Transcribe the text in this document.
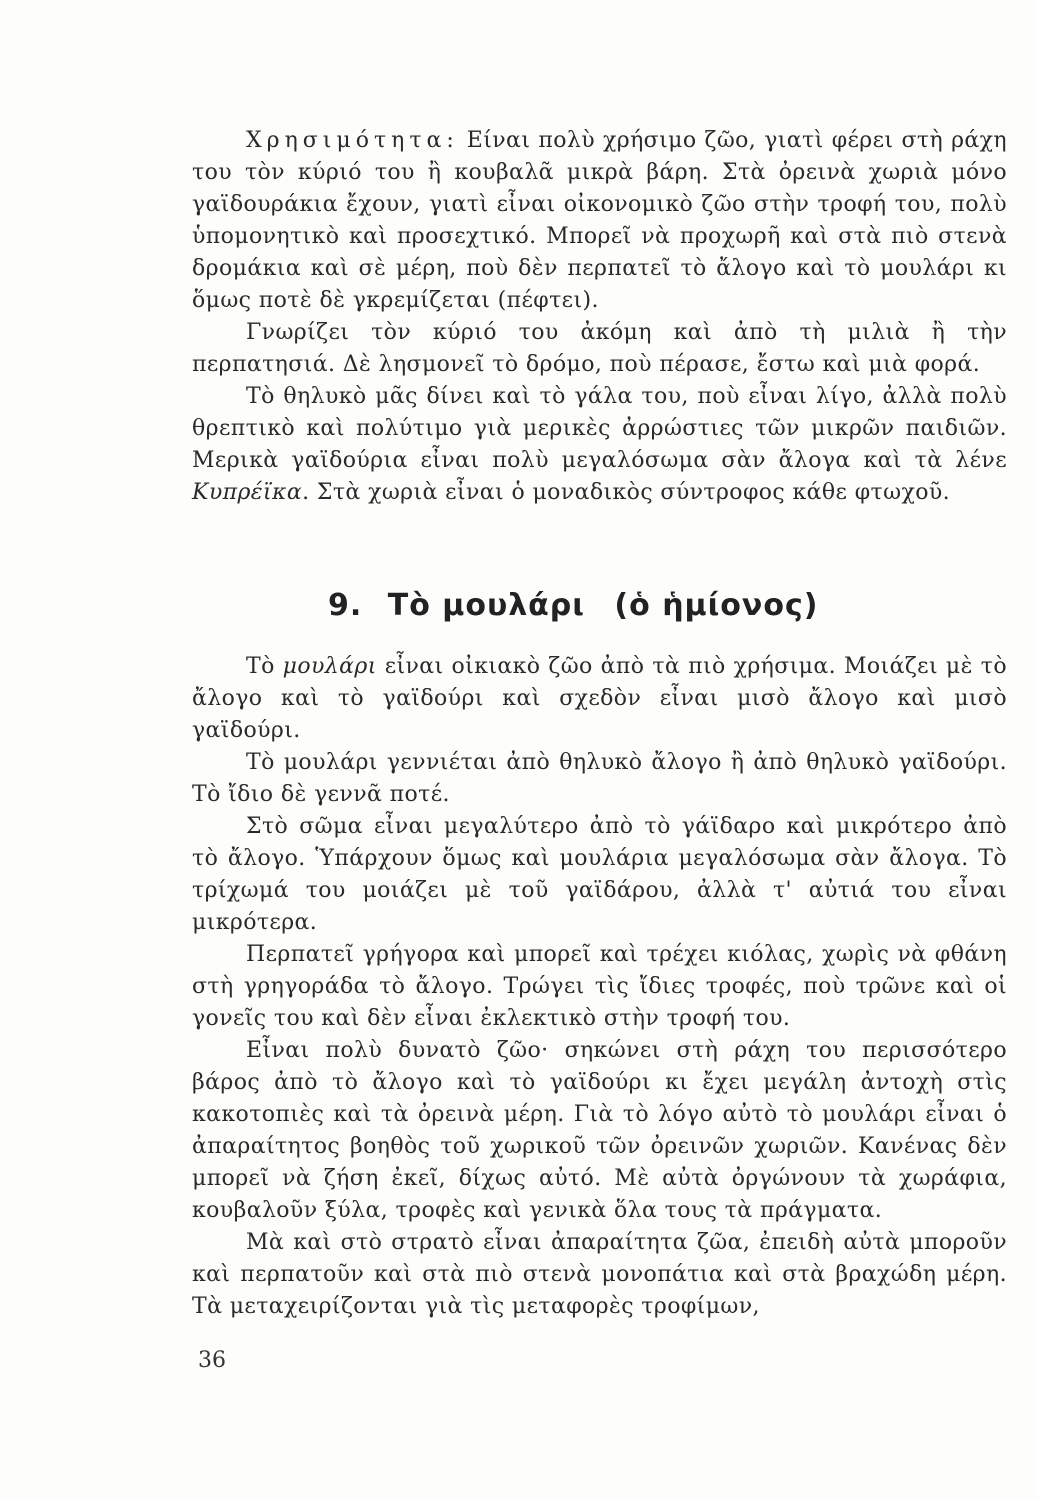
Χρησιμότητα: Είναι πολὺ χρήσιμο ζῶο, γιατὶ φέρει στὴ ράχη του τὸν κύριό του ἢ κουβαλᾶ μικρὰ βάρη. Στὰ ὀρεινὰ χωριὰ μόνο γαϊδουράκια ἔχουν, γιατὶ εἶναι οἰκονομικὸ ζῶο στὴν τροφή του, πολὺ ὑπομονητικὸ καὶ προσεχτικό. Μπορεῖ νὰ προχωρῆ καὶ στὰ πιὸ στενὰ δρομάκια καὶ σὲ μέρη, ποὺ δὲν περπατεῖ τὸ ἄλογο καὶ τὸ μουλάρι κι ὅμως ποτὲ δὲ γκρεμίζεται (πέφτει).

Γνωρίζει τὸν κύριό του ἀκόμη καὶ ἀπὸ τὴ μιλιὰ ἢ τὴν περπατησιά. Δὲ λησμονεῖ τὸ δρόμο, ποὺ πέρασε, ἔστω καὶ μιὰ φορά.

Τὸ θηλυκὸ μᾶς δίνει καὶ τὸ γάλα του, ποὺ εἶναι λίγο, ἀλλὰ πολὺ θρεπτικὸ καὶ πολύτιμο γιὰ μερικὲς ἀρρώστιες τῶν μικρῶν παιδιῶν. Μερικὰ γαϊδούρια εἶναι πολὺ μεγαλόσωμα σὰν ἄλογα καὶ τὰ λένε Κυπρέϊκα. Στὰ χωριὰ εἶναι ὁ μοναδικὸς σύντροφος κάθε φτωχοῦ.

9. Τὸ μουλάρι (ὁ ἡμίονος)

Τὸ μουλάρι εἶναι οἰκιακὸ ζῶο ἀπὸ τὰ πιὸ χρήσιμα. Μοιάζει μὲ τὸ ἄλογο καὶ τὸ γαϊδούρι καὶ σχεδὸν εἶναι μισὸ ἄλογο καὶ μισὸ γαϊδούρι.

Τὸ μουλάρι γεννιέται ἀπὸ θηλυκὸ ἄλογο ἢ ἀπὸ θηλυκὸ γαϊδούρι. Τὸ ἴδιο δὲ γεννᾶ ποτέ.

Στὸ σῶμα εἶναι μεγαλύτερο ἀπὸ τὸ γάϊδαρο καὶ μικρότερο ἀπὸ τὸ ἄλογο. Ὑπάρχουν ὅμως καὶ μουλάρια μεγαλόσωμα σὰν ἄλογα. Τὸ τρίχωμά του μοιάζει μὲ τοῦ γαϊδάρου, ἀλλὰ τ' αὐτιά του εἶναι μικρότερα.

Περπατεῖ γρήγορα καὶ μπορεῖ καὶ τρέχει κιόλας, χωρὶς νὰ φθάνη στὴ γρηγοράδα τὸ ἄλογο. Τρώγει τὶς ἴδιες τροφές, ποὺ τρῶνε καὶ οἱ γονεῖς του καὶ δὲν εἶναι ἐκλεκτικὸ στὴν τροφή του.

Εἶναι πολὺ δυνατὸ ζῶο· σηκώνει στὴ ράχη του περισσότερο βάρος ἀπὸ τὸ ἄλογο καὶ τὸ γαϊδούρι κι ἔχει μεγάλη ἀντοχὴ στὶς κακοτοπιὲς καὶ τὰ ὀρεινὰ μέρη. Γιὰ τὸ λόγο αὐτὸ τὸ μουλάρι εἶναι ὁ ἀπαραίτητος βοηθὸς τοῦ χωρικοῦ τῶν ὀρεινῶν χωριῶν. Κανένας δὲν μπορεῖ νὰ ζήση ἐκεῖ, δίχως αὐτό. Μὲ αὐτὰ ὀργώνουν τὰ χωράφια, κουβαλοῦν ξύλα, τροφὲς καὶ γενικὰ ὅλα τους τὰ πράγματα.

Μὰ καὶ στὸ στρατὸ εἶναι ἀπαραίτητα ζῶα, ἐπειδὴ αὐτὰ μποροῦν καὶ περπατοῦν καὶ στὰ πιὸ στενὰ μονοπάτια καὶ στὰ βραχώδη μέρη. Τὰ μεταχειρίζονται γιὰ τὶς μεταφορὲς τροφίμων,

36
